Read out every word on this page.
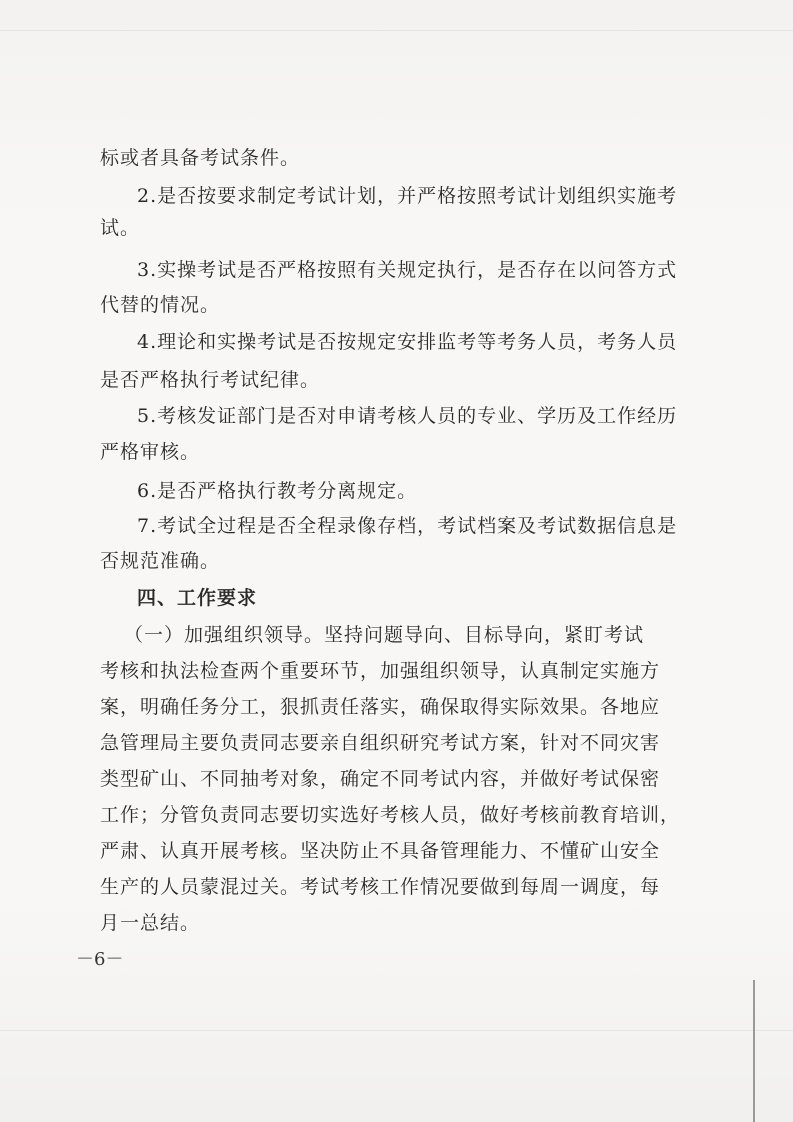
标或者具备考试条件。
2.是否按要求制定考试计划，并严格按照考试计划组织实施考
试。
3.实操考试是否严格按照有关规定执行，是否存在以问答方式
代替的情况。
4.理论和实操考试是否按规定安排监考等考务人员，考务人员
是否严格执行考试纪律。
5.考核发证部门是否对申请考核人员的专业、学历及工作经历
严格审核。
6.是否严格执行教考分离规定。
7.考试全过程是否全程录像存档，考试档案及考试数据信息是
否规范准确。
四、工作要求
（一）加强组织领导。坚持问题导向、目标导向，紧盯考试
考核和执法检查两个重要环节，加强组织领导，认真制定实施方
案，明确任务分工，狠抓责任落实，确保取得实际效果。各地应
急管理局主要负责同志要亲自组织研究考试方案，针对不同灾害
类型矿山、不同抽考对象，确定不同考试内容，并做好考试保密
工作；分管负责同志要切实选好考核人员，做好考核前教育培训，
严肃、认真开展考核。坚决防止不具备管理能力、不懂矿山安全
生产的人员蒙混过关。考试考核工作情况要做到每周一调度，每
月一总结。
－6－
